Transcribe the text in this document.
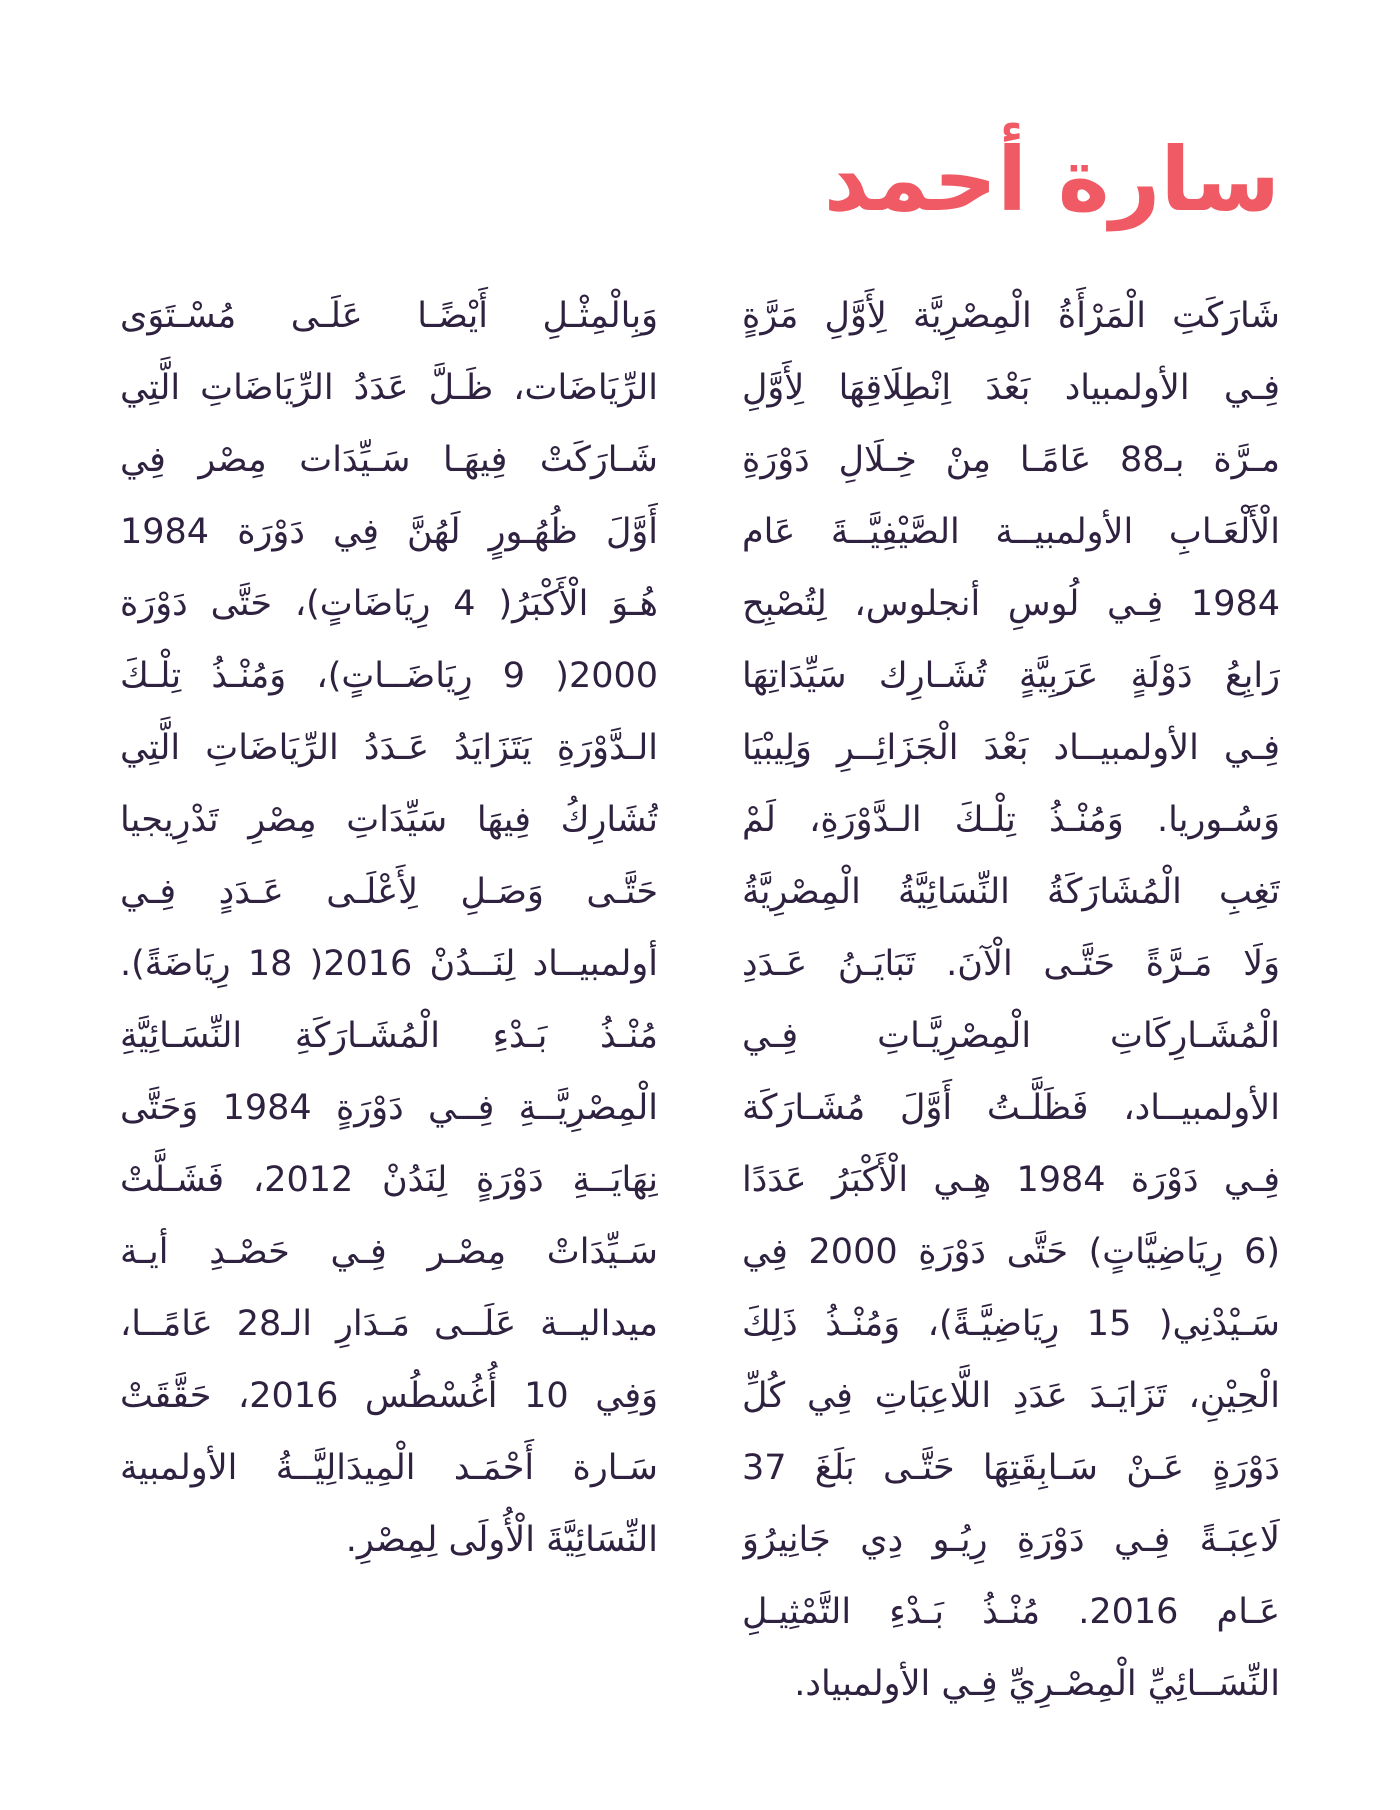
سارة أحمد
شَارَكَتِ الْمَرْأَةُ الْمِصْرِيَّة لِأَوَّلِ مَرَّةٍ
فِـي الأولمبياد بَعْدَ اِنْطِلَاقِهَا لِأَوَّلِ
مـرَّة بـ88 عَامًـا مِنْ خِـلَالِ دَوْرَةِ
الْأَلْعَـابِ الأولمبيــة الصَّيْفِيَّــةَ عَام
1984 فِـي لُوسِ أنجلوس، لِتُصْبِح
رَابِعُ دَوْلَةٍ عَرَبِيَّةٍ تُشَـارِك سَيِّدَاتِهَا
فِـي الأولمبيــاد بَعْدَ الْجَزَائِــرِ وَلِيبْيَا
وَسُـوريا. وَمُنْـذُ تِلْـكَ الـدَّوْرَةِ، لَمْ
تَغِبِ الْمُشَارَكَةُ النِّسَائِيَّةُ الْمِصْرِيَّةُ
وَلَا مَـرَّةً حَتَّـى الْآنَ. تَبَايَـنُ عَـدَدِ
الْمُشَـارِكَاتِ الْمِصْرِيَّـاتِ فِـي
الأولمبيــاد، فَظَلَّـتُ أَوَّلَ مُشَـارَكَة
فِـي دَوْرَة 1984 هِـي الْأَكْبَرُ عَدَدًا
(6 رِيَاضِيَّاتٍ) حَتَّى دَوْرَةِ 2000 فِي
سَـيْدْنِي( 15 رِيَاضِيَّـةً)، وَمُنْـذُ ذَلِكَ
الْحِيْنِ، تَزَايَـدَ عَدَدِ اللَّاعِبَاتِ فِي كُلِّ
دَوْرَةٍ عَـنْ سَـابِقَتِهَا حَتَّـى بَلَغَ 37
لَاعِبَـةً فِـي دَوْرَةِ رِيُـو دِي جَانِيرُوَ
عَـام 2016. مُنْـذُ بَـدْءِ التَّمْثِيـلِ
النِّسَــائِيِّ الْمِصْـرِيِّ فِـي الأولمبياد.
وَبِالْمِثْـلِ أَيْضًـا عَلَـى مُسْـتَوَى
الرِّيَاضَات، ظَـلَّ عَدَدُ الرِّيَاضَاتِ الَّتِي
شَـارَكَتْ فِيهَـا سَـيِّدَات مِصْر فِي
أَوَّلَ ظُهُـورٍ لَهُنَّ فِي دَوْرَة 1984
هُـوَ الْأَكْبَرُ( 4 رِيَاضَاتٍ)، حَتَّى دَوْرَة
2000( 9 رِيَاضَــاتٍ)، وَمُنْـذُ تِلْـكَ
الـدَّوْرَةِ يَتَزَايَدُ عَـدَدُ الرِّيَاضَاتِ الَّتِي
تُشَارِكُ فِيهَا سَيِّدَاتِ مِصْرِ تَدْرِيجيا
حَتَّـى وَصَـلِ لِأَعْلَـى عَـدَدٍ فِـي
أولمبيــاد لِنَــدُنْ 2016( 18 رِيَاضَةً).
مُنْـذُ بَـدْءِ الْمُشَـارَكَةِ النِّسَـائِيَّةِ
الْمِصْرِيَّــةِ فِــي دَوْرَةٍ 1984 وَحَتَّى
نِهَايَــةِ دَوْرَةٍ لِنَدُنْ 2012، فَشَـلَّتْ
سَـيِّدَاتْ مِصْـر فِـي حَصْـدِ أيـة
ميداليــة عَلَــى مَـدَارِ الـ28 عَامًــا،
وَفِي 10 أُغُسْطُس 2016، حَقَّقَتْ
سَـارة أَحْمَـد الْمِيدَالِيَّــةُ الأولمبية
النِّسَائِيَّةَ الْأُولَى لِمِصْرِ.
